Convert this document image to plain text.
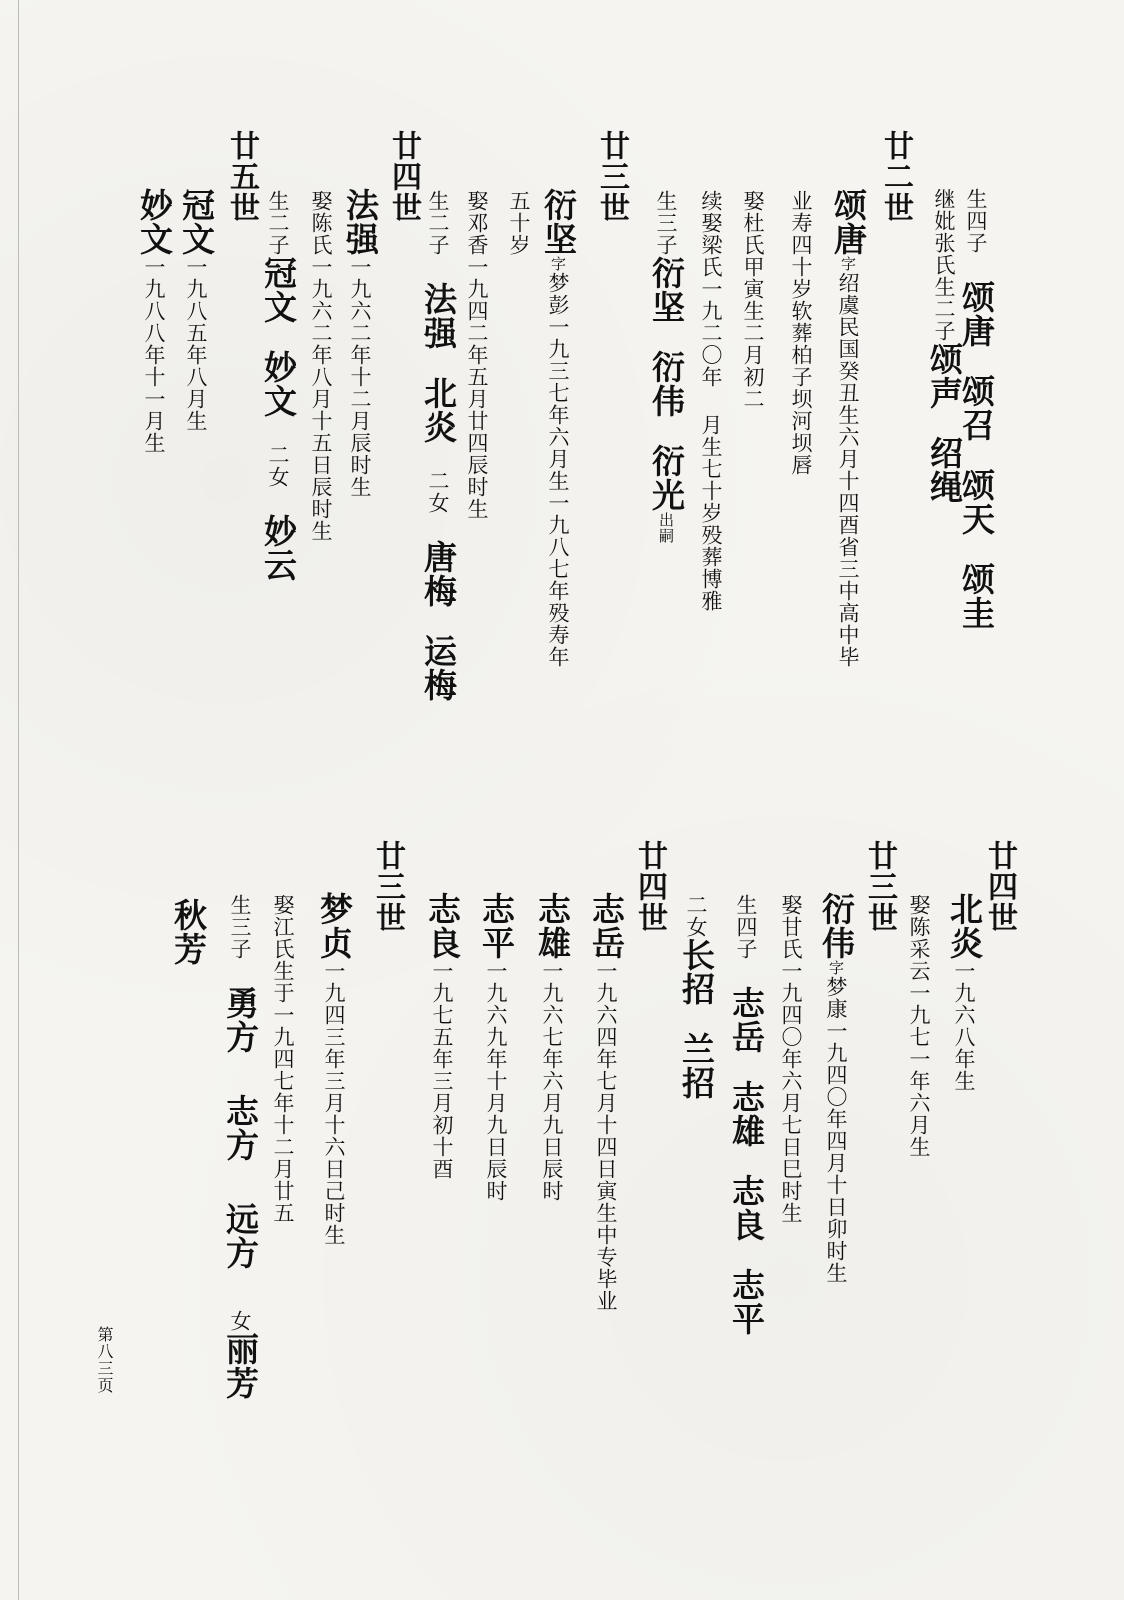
生四子颂唐颂召颂天颂圭
继妣张氏生二子颂声绍绳
廿二世
颂唐字绍虞民国癸丑生六月十四酉省三中高中毕
业寿四十岁软葬柏子坝河坝唇
娶杜氏甲寅生二月初二
续娶梁氏一九二〇年月生七十岁殁葬博雅
生三子衍坚衍伟衍光出嗣
廿三世
衍坚字梦彭一九三七年六月生一九八七年殁寿年
五十岁
娶邓香一九四二年五月廿四辰时生
生二子法强北炎二女唐梅运梅
廿四世
法强一九六二年十二月辰时生
娶陈氏一九六二年八月十五日辰时生
生二子冠文妙文二女妙云
廿五世
冠文一九八五年八月生
妙文一九八八年十一月生
廿四世
北炎一九六八年生
娶陈采云一九七一年六月生
廿三世
衍伟字梦康一九四〇年四月十日卯时生
娶甘氏一九四〇年六月七日巳时生
生四子志岳志雄志良志平
二女长招兰招
廿四世
志岳一九六四年七月十四日寅生中专毕业
志雄一九六七年六月九日辰时
志平一九六九年十月九日辰时
志良一九七五年三月初十酉
廿三世
梦贞一九四三年三月十六日己时生
娶江氏生于一九四七年十二月廿五
生三子勇方志方远方女丽芳
秋芳
第八三页
